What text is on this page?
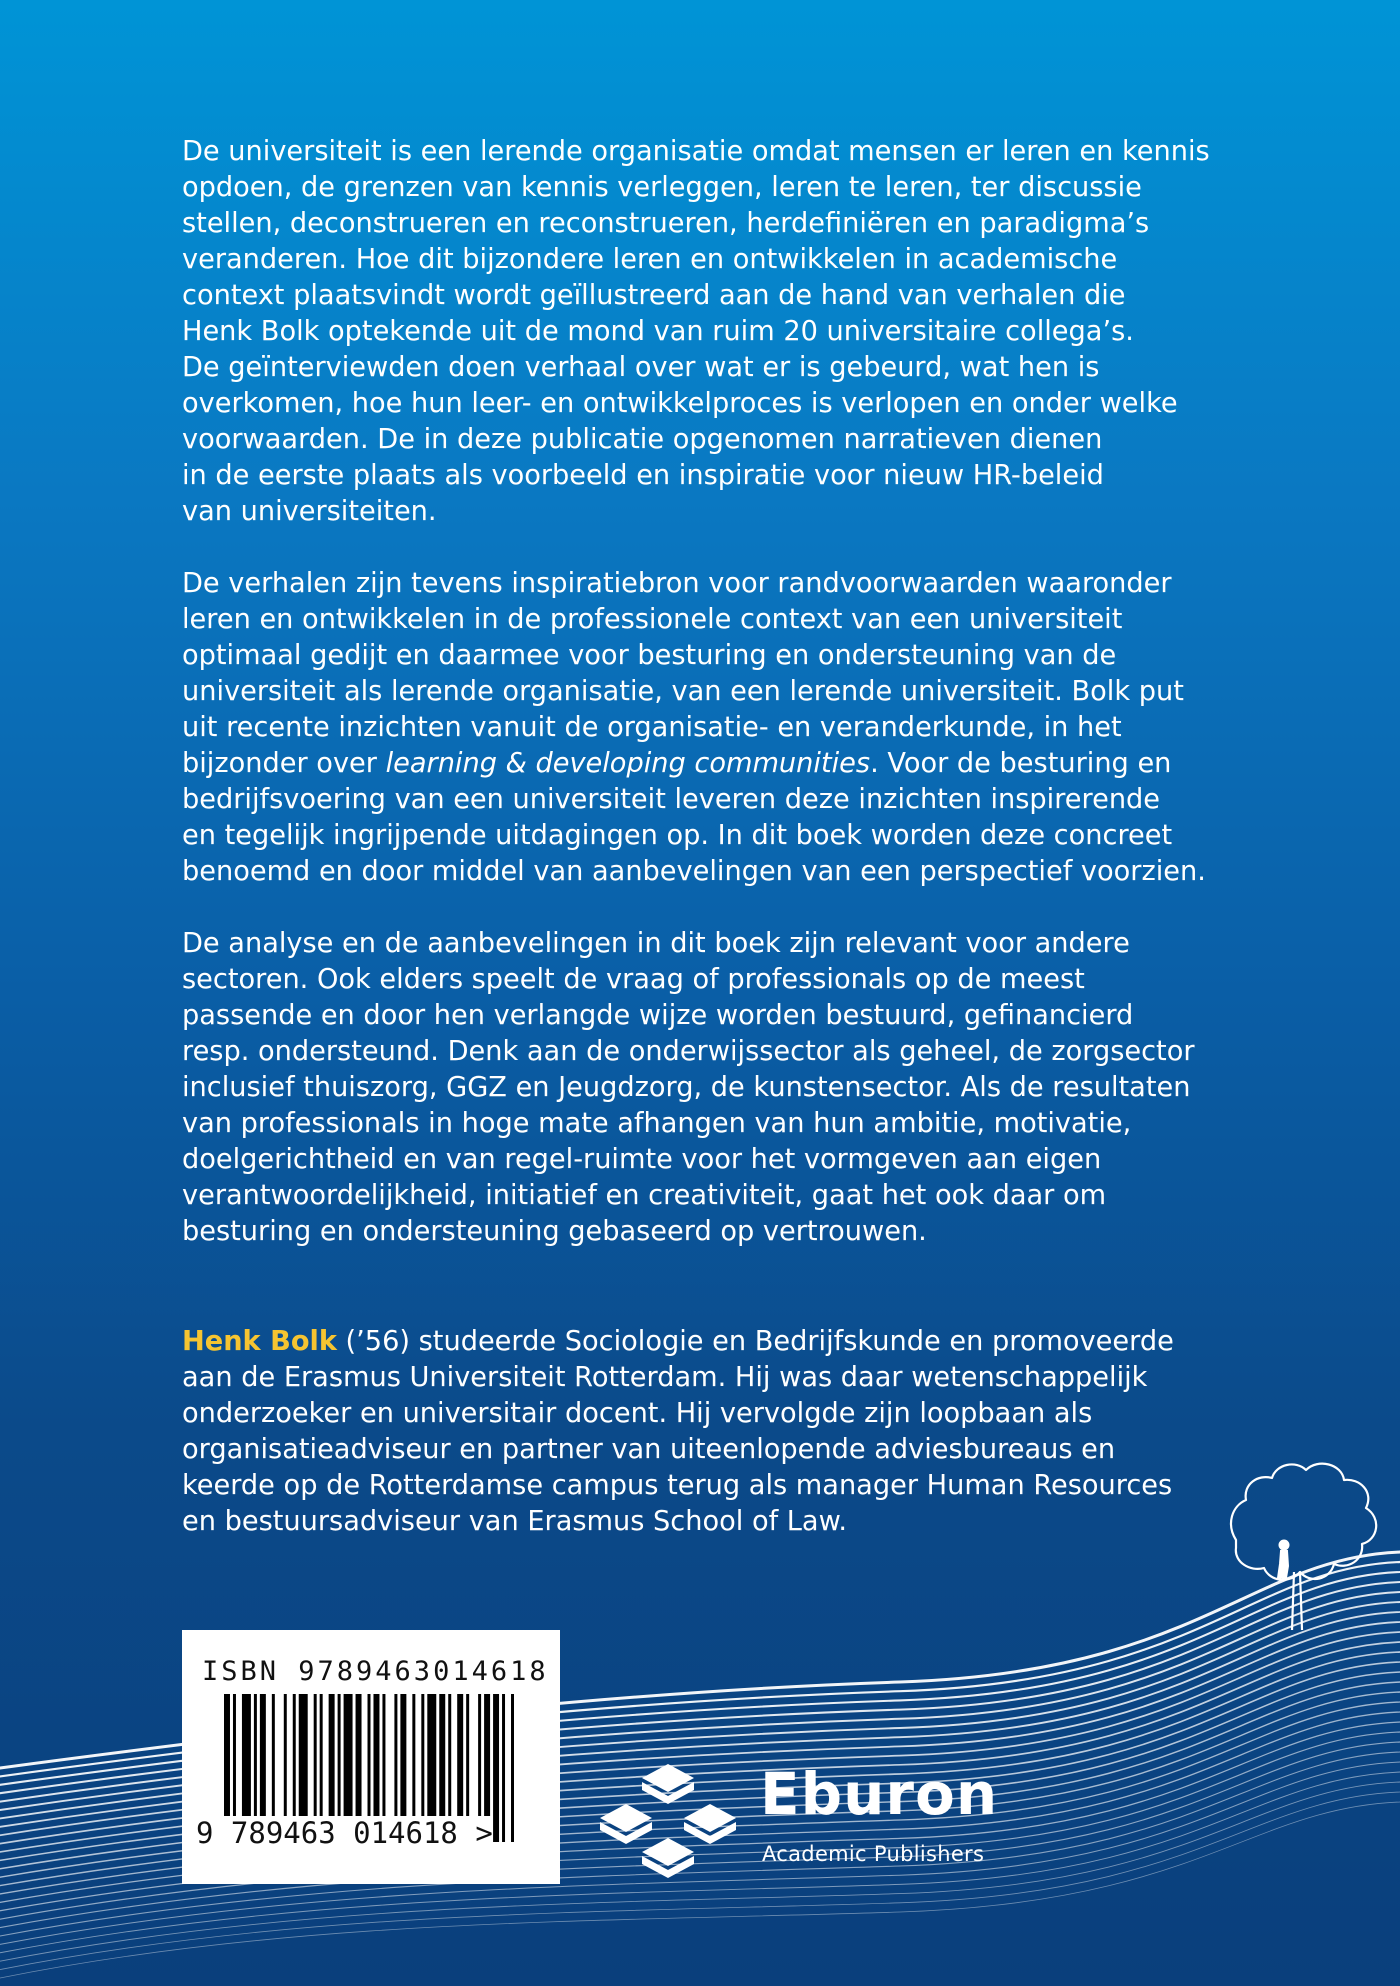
De universiteit is een lerende organisatie omdat mensen er leren en kennis
opdoen, de grenzen van kennis verleggen, leren te leren, ter discussie
stellen, deconstrueren en reconstrueren, herdefiniëren en paradigma’s
veranderen. Hoe dit bijzondere leren en ontwikkelen in academische
context plaatsvindt wordt geïllustreerd aan de hand van verhalen die
Henk Bolk optekende uit de mond van ruim 20 universitaire collega’s.
De geïnterviewden doen verhaal over wat er is gebeurd, wat hen is
overkomen, hoe hun leer- en ontwikkelproces is verlopen en onder welke
voorwaarden. De in deze publicatie opgenomen narratieven dienen
in de eerste plaats als voorbeeld en inspiratie voor nieuw HR-beleid
van universiteiten.

De verhalen zijn tevens inspiratiebron voor randvoorwaarden waaronder
leren en ontwikkelen in de professionele context van een universiteit
optimaal gedijt en daarmee voor besturing en ondersteuning van de
universiteit als lerende organisatie, van een lerende universiteit. Bolk put
uit recente inzichten vanuit de organisatie- en veranderkunde, in het
bijzonder over learning & developing communities. Voor de besturing en
bedrijfsvoering van een universiteit leveren deze inzichten inspirerende
en tegelijk ingrijpende uitdagingen op. In dit boek worden deze concreet
benoemd en door middel van aanbevelingen van een perspectief voorzien.

De analyse en de aanbevelingen in dit boek zijn relevant voor andere
sectoren. Ook elders speelt de vraag of professionals op de meest
passende en door hen verlangde wijze worden bestuurd, gefinancierd
resp. ondersteund. Denk aan de onderwijssector als geheel, de zorgsector
inclusief thuiszorg, GGZ en Jeugdzorg, de kunstensector. Als de resultaten
van professionals in hoge mate afhangen van hun ambitie, motivatie,
doelgerichtheid en van regel-ruimte voor het vormgeven aan eigen
verantwoordelijkheid, initiatief en creativiteit, gaat het ook daar om
besturing en ondersteuning gebaseerd op vertrouwen.

Henk Bolk (’56) studeerde Sociologie en Bedrijfskunde en promoveerde
aan de Erasmus Universiteit Rotterdam. Hij was daar wetenschappelijk
onderzoeker en universitair docent. Hij vervolgde zijn loopbaan als
organisatieadviseur en partner van uiteenlopende adviesbureaus en
keerde op de Rotterdamse campus terug als manager Human Resources
en bestuursadviseur van Erasmus School of Law.

ISBN 9789463014618
9 789463 014618 >
Eburon
Academic Publishers
